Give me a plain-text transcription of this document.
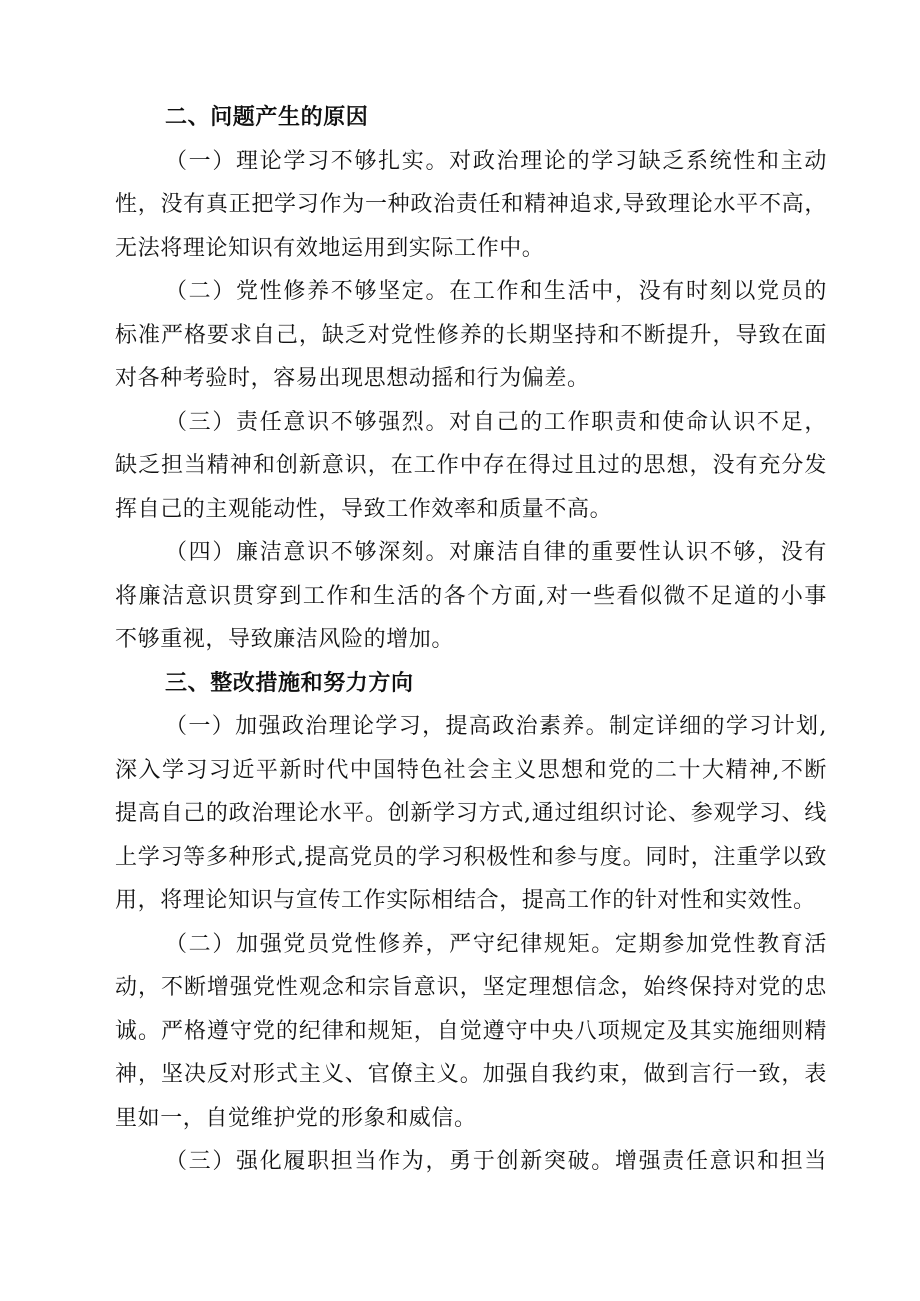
二、问题产生的原因
（一）理论学习不够扎实。对政治理论的学习缺乏系统性和主动
性，没有真正把学习作为一种政治责任和精神追求,导致理论水平不高，
无法将理论知识有效地运用到实际工作中。
（二）党性修养不够坚定。在工作和生活中，没有时刻以党员的
标准严格要求自己，缺乏对党性修养的长期坚持和不断提升，导致在面
对各种考验时，容易出现思想动摇和行为偏差。
（三）责任意识不够强烈。对自己的工作职责和使命认识不足，
缺乏担当精神和创新意识，在工作中存在得过且过的思想，没有充分发
挥自己的主观能动性，导致工作效率和质量不高。
（四）廉洁意识不够深刻。对廉洁自律的重要性认识不够，没有
将廉洁意识贯穿到工作和生活的各个方面,对一些看似微不足道的小事
不够重视，导致廉洁风险的增加。
三、整改措施和努力方向
（一）加强政治理论学习，提高政治素养。制定详细的学习计划,
深入学习习近平新时代中国特色社会主义思想和党的二十大精神,不断
提高自己的政治理论水平。创新学习方式,通过组织讨论、参观学习、线
上学习等多种形式,提高党员的学习积极性和参与度。同时，注重学以致
用，将理论知识与宣传工作实际相结合，提高工作的针对性和实效性。
（二）加强党员党性修养，严守纪律规矩。定期参加党性教育活
动，不断增强党性观念和宗旨意识，坚定理想信念，始终保持对党的忠
诚。严格遵守党的纪律和规矩，自觉遵守中央八项规定及其实施细则精
神，坚决反对形式主义、官僚主义。加强自我约束，做到言行一致，表
里如一，自觉维护党的形象和威信。
（三）强化履职担当作为，勇于创新突破。增强责任意识和担当
